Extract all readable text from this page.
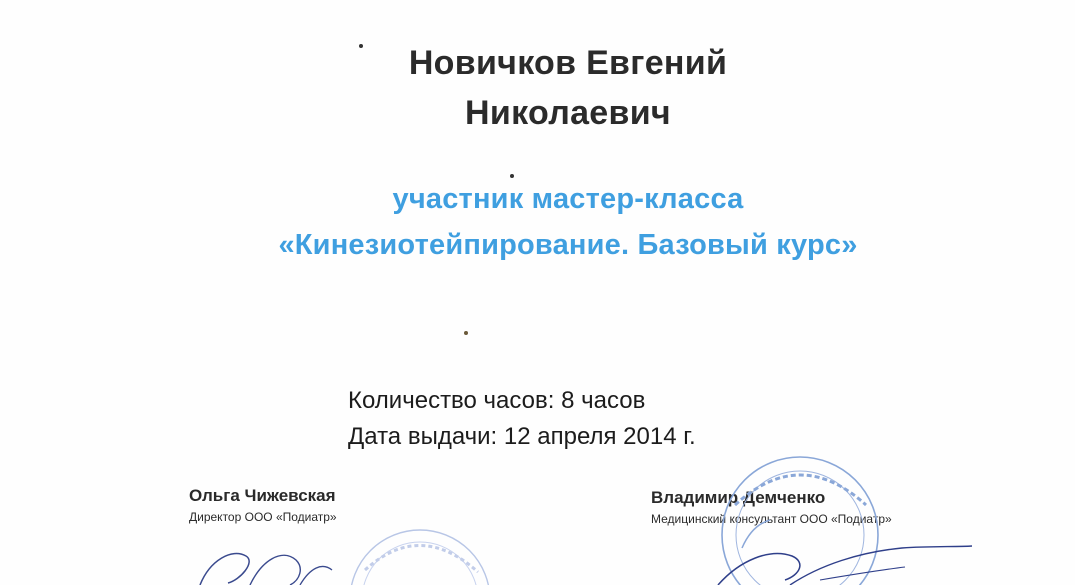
Новичков Евгений
Николаевич
участник мастер-класса
«Кинезиотейпирование. Базовый курс»
Количество часов: 8 часов
Дата выдачи: 12 апреля 2014 г.
Ольга Чижевская
Директор ООО «Подиатр»
Владимир Демченко
Медицинский консультант ООО «Подиатр»
